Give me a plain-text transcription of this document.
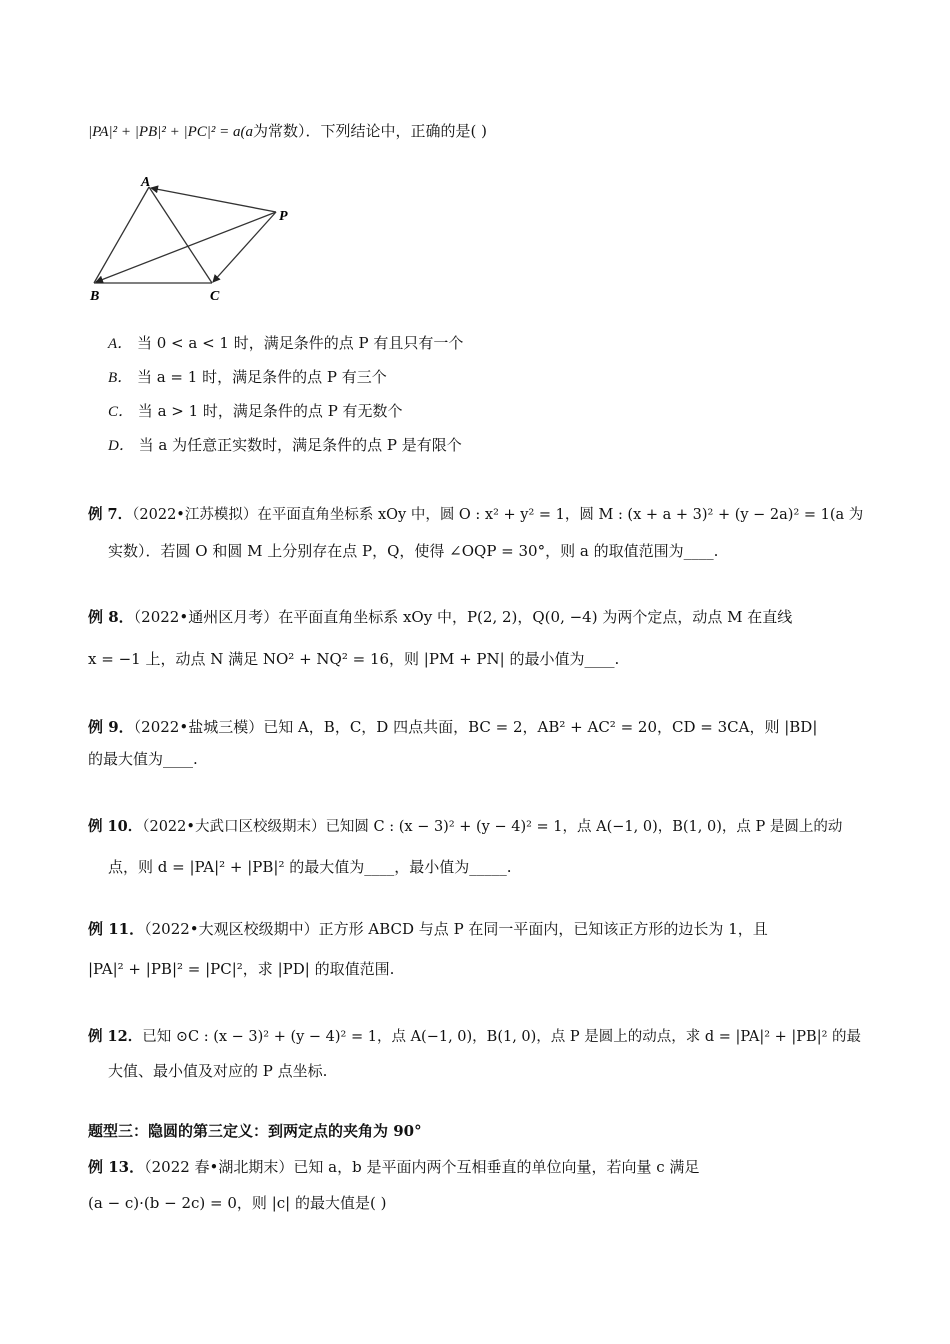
|PA|² + |PB|² + |PC|² = a(a为常数）．下列结论中，正确的是( )
A
B	C
P
A． 当 0 < a < 1 时，满足条件的点 P 有且只有一个
B． 当 a = 1 时，满足条件的点 P 有三个
C． 当 a > 1 时，满足条件的点 P 有无数个
D． 当 a 为任意正实数时，满足条件的点 P 是有限个
例 7．（2022•江苏模拟）在平面直角坐标系 xOy 中，圆 O : x² + y² = 1，圆 M : (x + a + 3)² + (y − 2a)² = 1(a 为
实数）．若圆 O 和圆 M 上分别存在点 P，Q，使得 ∠OQP = 30°，则 a 的取值范围为____.
例 8．（2022•通州区月考）在平面直角坐标系 xOy 中，P(2, 2)，Q(0, −4) 为两个定点，动点 M 在直线
x = −1 上，动点 N 满足 NO² + NQ² = 16，则 |PM + PN| 的最小值为____.
例 9．（2022•盐城三模）已知 A，B，C，D 四点共面，BC = 2，AB² + AC² = 20，CD = 3CA，则 |BD|
的最大值为____.
例 10．（2022•大武口区校级期末）已知圆 C : (x − 3)² + (y − 4)² = 1，点 A(−1, 0)，B(1, 0)，点 P 是圆上的动
点，则 d = |PA|² + |PB|² 的最大值为____，最小值为_____.
例 11．（2022•大观区校级期中）正方形 ABCD 与点 P 在同一平面内，已知该正方形的边长为 1，且
|PA|² + |PB|² = |PC|²，求 |PD| 的取值范围.
例 12．已知 ⊙C : (x − 3)² + (y − 4)² = 1，点 A(−1, 0)，B(1, 0)，点 P 是圆上的动点，求 d = |PA|² + |PB|² 的最
大值、最小值及对应的 P 点坐标.
题型三：隐圆的第三定义：到两定点的夹角为 90°
例 13．（2022 春•湖北期末）已知 a，b 是平面内两个互相垂直的单位向量，若向量 c 满足
(a − c)·(b − 2c) = 0，则 |c| 的最大值是( )
